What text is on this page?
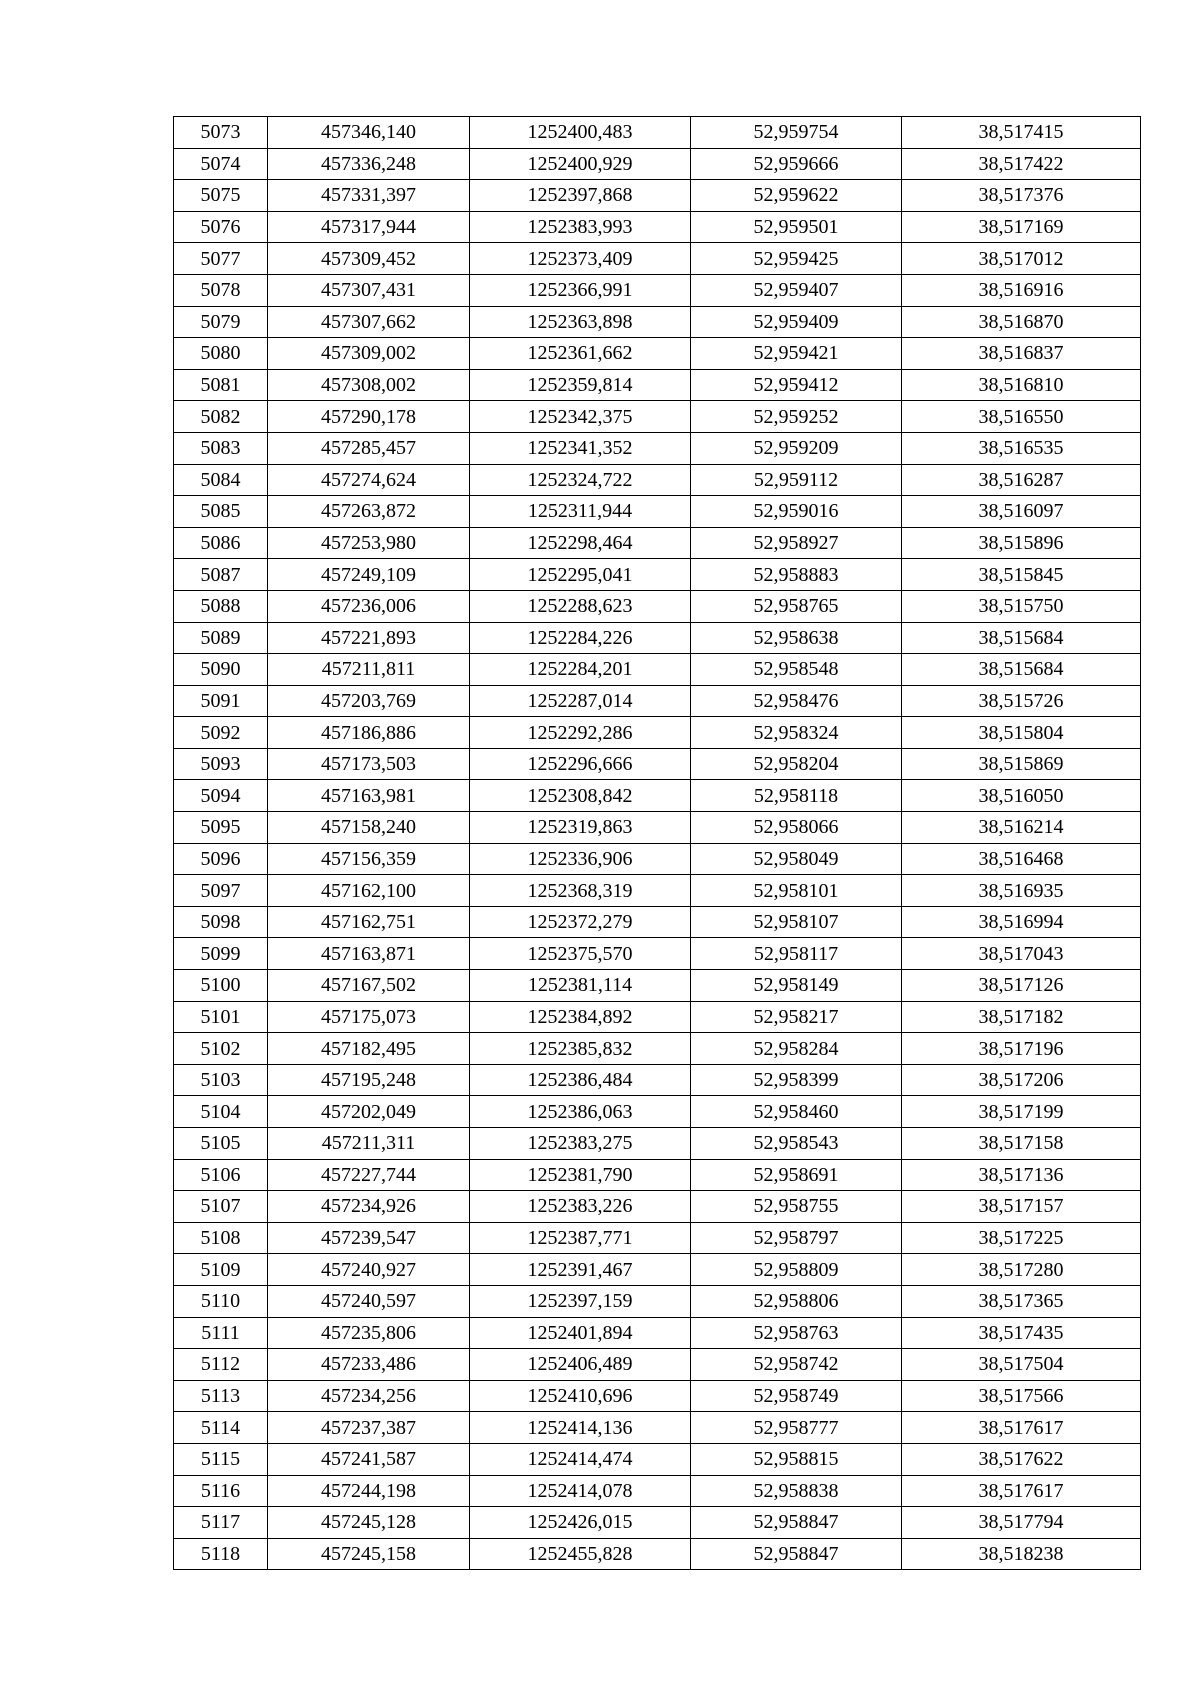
5073	457346,140	1252400,483	52,959754	38,517415
5074	457336,248	1252400,929	52,959666	38,517422
5075	457331,397	1252397,868	52,959622	38,517376
5076	457317,944	1252383,993	52,959501	38,517169
5077	457309,452	1252373,409	52,959425	38,517012
5078	457307,431	1252366,991	52,959407	38,516916
5079	457307,662	1252363,898	52,959409	38,516870
5080	457309,002	1252361,662	52,959421	38,516837
5081	457308,002	1252359,814	52,959412	38,516810
5082	457290,178	1252342,375	52,959252	38,516550
5083	457285,457	1252341,352	52,959209	38,516535
5084	457274,624	1252324,722	52,959112	38,516287
5085	457263,872	1252311,944	52,959016	38,516097
5086	457253,980	1252298,464	52,958927	38,515896
5087	457249,109	1252295,041	52,958883	38,515845
5088	457236,006	1252288,623	52,958765	38,515750
5089	457221,893	1252284,226	52,958638	38,515684
5090	457211,811	1252284,201	52,958548	38,515684
5091	457203,769	1252287,014	52,958476	38,515726
5092	457186,886	1252292,286	52,958324	38,515804
5093	457173,503	1252296,666	52,958204	38,515869
5094	457163,981	1252308,842	52,958118	38,516050
5095	457158,240	1252319,863	52,958066	38,516214
5096	457156,359	1252336,906	52,958049	38,516468
5097	457162,100	1252368,319	52,958101	38,516935
5098	457162,751	1252372,279	52,958107	38,516994
5099	457163,871	1252375,570	52,958117	38,517043
5100	457167,502	1252381,114	52,958149	38,517126
5101	457175,073	1252384,892	52,958217	38,517182
5102	457182,495	1252385,832	52,958284	38,517196
5103	457195,248	1252386,484	52,958399	38,517206
5104	457202,049	1252386,063	52,958460	38,517199
5105	457211,311	1252383,275	52,958543	38,517158
5106	457227,744	1252381,790	52,958691	38,517136
5107	457234,926	1252383,226	52,958755	38,517157
5108	457239,547	1252387,771	52,958797	38,517225
5109	457240,927	1252391,467	52,958809	38,517280
5110	457240,597	1252397,159	52,958806	38,517365
5111	457235,806	1252401,894	52,958763	38,517435
5112	457233,486	1252406,489	52,958742	38,517504
5113	457234,256	1252410,696	52,958749	38,517566
5114	457237,387	1252414,136	52,958777	38,517617
5115	457241,587	1252414,474	52,958815	38,517622
5116	457244,198	1252414,078	52,958838	38,517617
5117	457245,128	1252426,015	52,958847	38,517794
5118	457245,158	1252455,828	52,958847	38,518238
